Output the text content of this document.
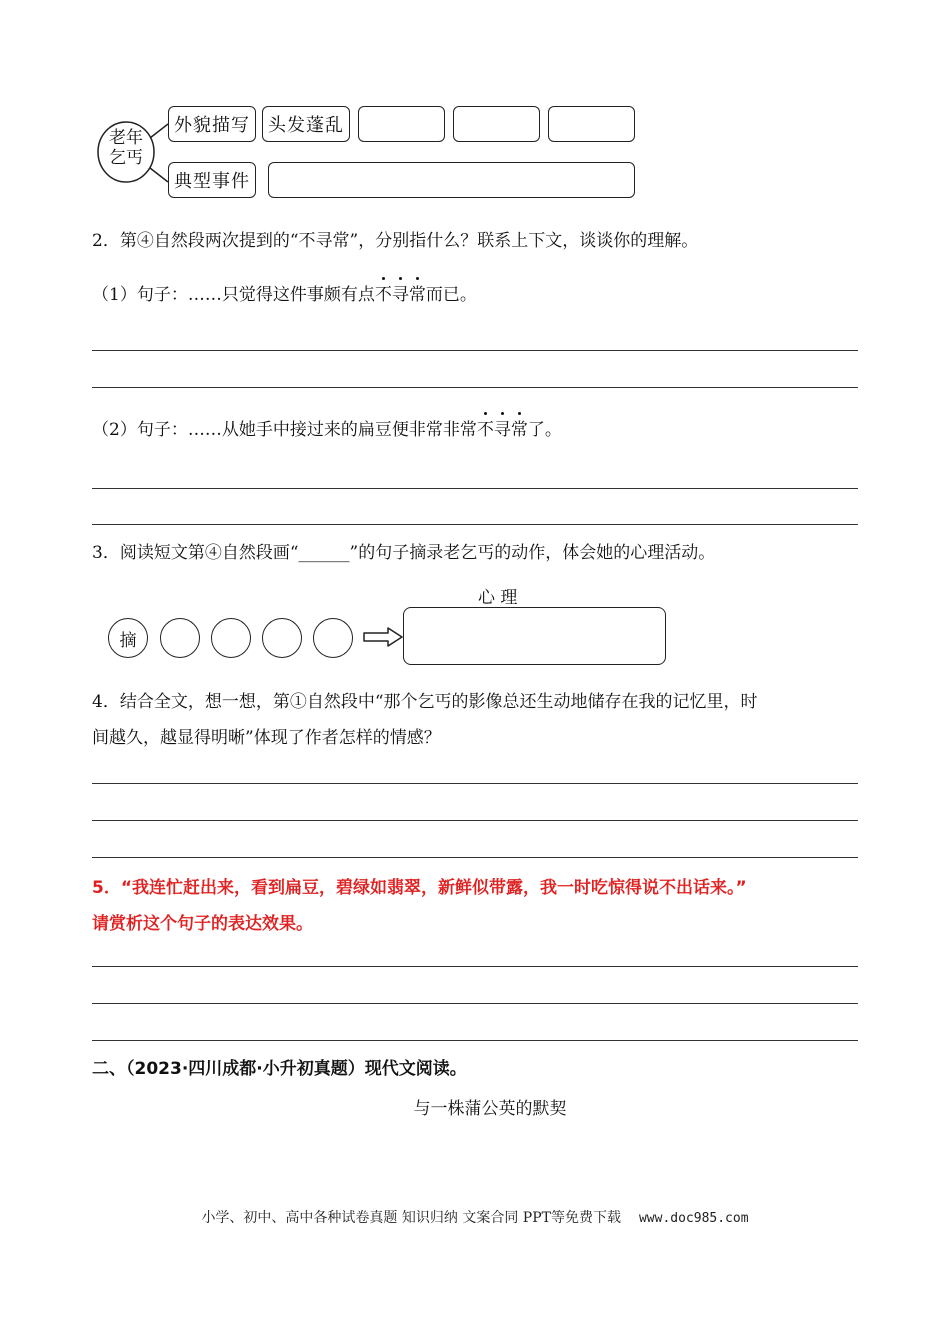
老年
乞丐
外貌描写 头发蓬乱
典型事件
2．第④自然段两次提到的“不寻常”，分别指什么？联系上下文，谈谈你的理解。
（1）句子：……只觉得这件事颇有点不寻常而已。
（2）句子：……从她手中接过来的扁豆便非常非常不寻常了。
3．阅读短文第④自然段画“______”的句子摘录老乞丐的动作，体会她的心理活动。
心 理
摘
4．结合全文，想一想，第①自然段中“那个乞丐的影像总还生动地储存在我的记忆里，时
间越久，越显得明晰”体现了作者怎样的情感？
5．“我连忙赶出来，看到扁豆，碧绿如翡翠，新鲜似带露，我一时吃惊得说不出话来。”
请赏析这个句子的表达效果。
二、（2023·四川成都·小升初真题）现代文阅读。
与一株蒲公英的默契
小学、初中、高中各种试卷真题 知识归纳 文案合同 PPT等免费下载 www.doc985.com
